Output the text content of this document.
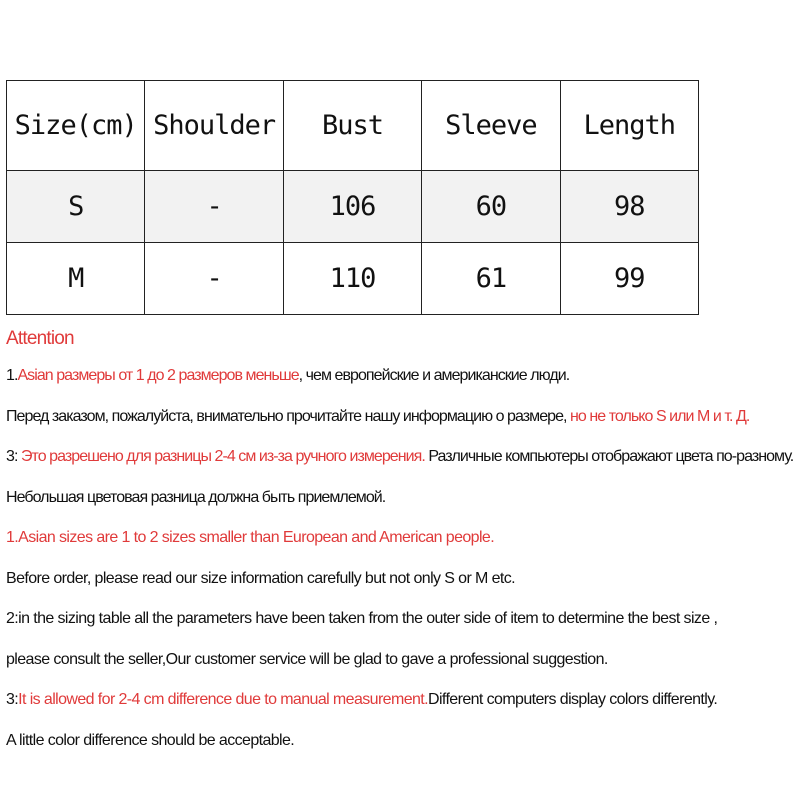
Size(cm)	Shoulder	Bust	Sleeve	Length
S	-	106	60	98
M	-	110	61	99
Attention
1.Asian размеры от 1 до 2 размеров меньше, чем европейские и американские люди.
Перед заказом, пожалуйста, внимательно прочитайте нашу информацию о размере, но не только S или M и т. Д.
3: Это разрешено для разницы 2-4 см из-за ручного измерения. Различные компьютеры отображают цвета по-разному.
Небольшая цветовая разница должна быть приемлемой.
1.Asian sizes are 1 to 2 sizes smaller than European and American people.
Before order, please read our size information carefully but not only S or M etc.
2:in the sizing table all the parameters have been taken from the outer side of item to determine the best size ,
please consult the seller,Our customer service will be glad to gave a professional suggestion.
3:It is allowed for 2-4 cm difference due to manual measurement.Different computers display colors differently.
A little color difference should be acceptable.
